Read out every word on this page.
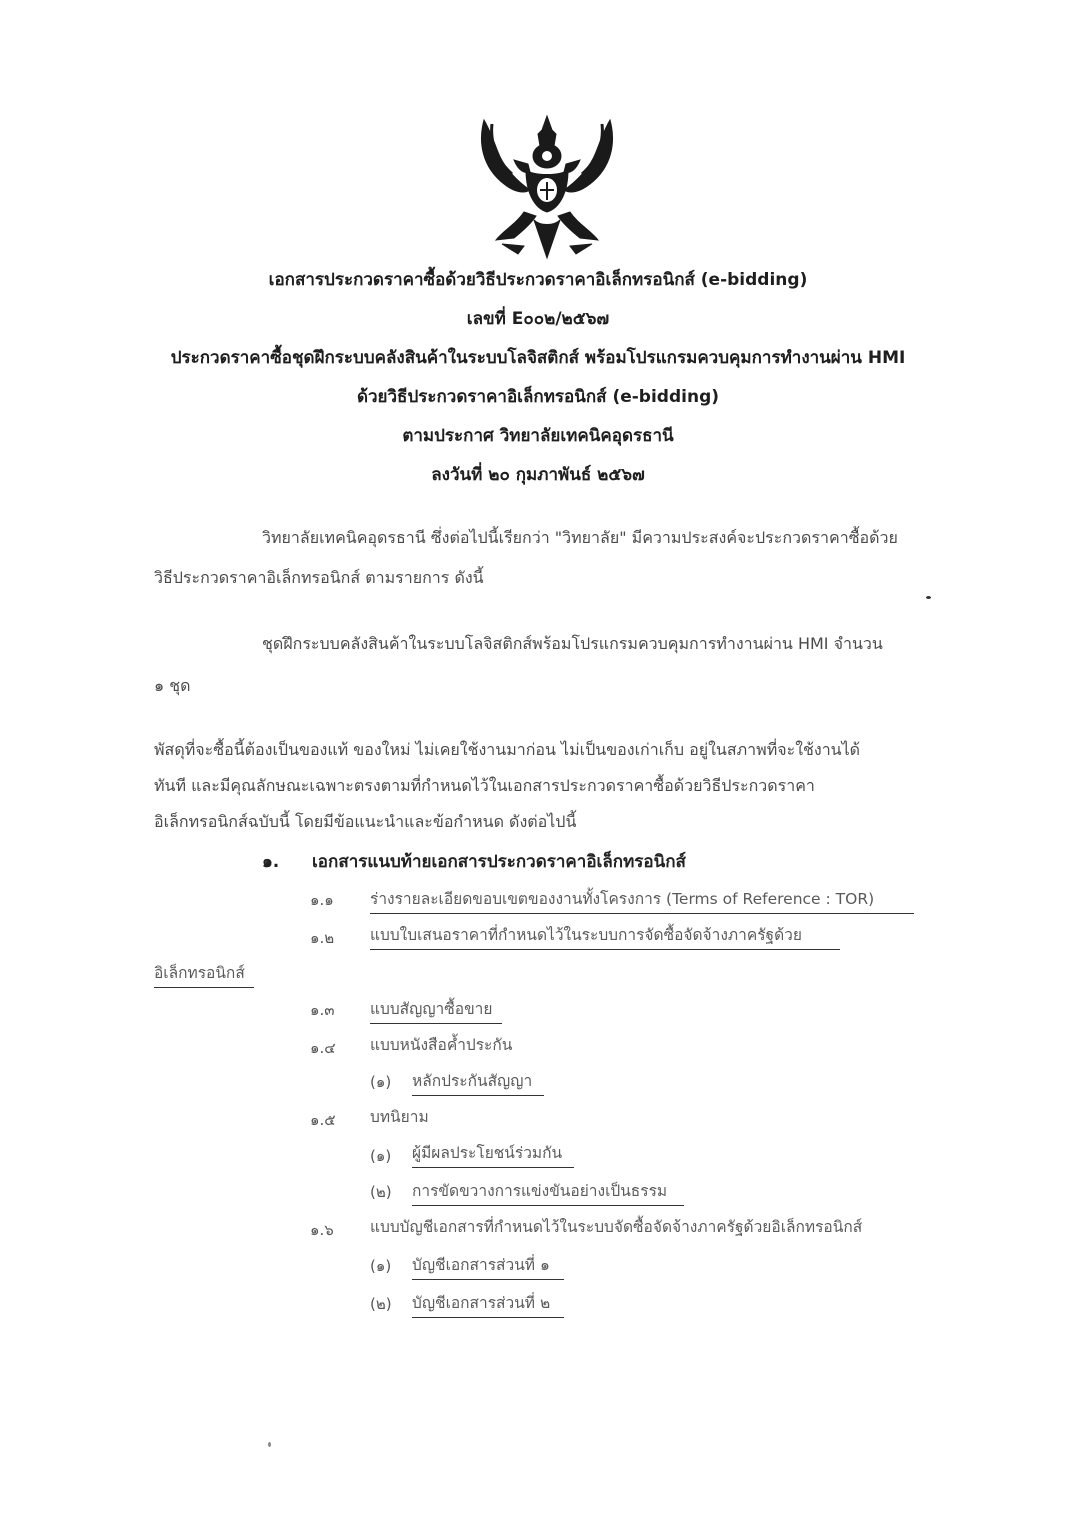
เอกสารประกวดราคาซื้อด้วยวิธีประกวดราคาอิเล็กทรอนิกส์ (e-bidding)
เลขที่ E๐๐๒/๒๕๖๗
ประกวดราคาซื้อชุดฝึกระบบคลังสินค้าในระบบโลจิสติกส์ พร้อมโปรแกรมควบคุมการทำงานผ่าน HMI
ด้วยวิธีประกวดราคาอิเล็กทรอนิกส์ (e-bidding)
ตามประกาศ วิทยาลัยเทคนิคอุดรธานี
ลงวันที่ ๒๐ กุมภาพันธ์ ๒๕๖๗
วิทยาลัยเทคนิคอุดรธานี ซึ่งต่อไปนี้เรียกว่า "วิทยาลัย" มีความประสงค์จะประกวดราคาซื้อด้วย
วิธีประกวดราคาอิเล็กทรอนิกส์ ตามรายการ ดังนี้
ชุดฝึกระบบคลังสินค้าในระบบโลจิสติกส์พร้อมโปรแกรมควบคุมการทำงานผ่าน HMI จำนวน
๑ ชุด
พัสดุที่จะซื้อนี้ต้องเป็นของแท้ ของใหม่ ไม่เคยใช้งานมาก่อน ไม่เป็นของเก่าเก็บ อยู่ในสภาพที่จะใช้งานได้
ทันที และมีคุณลักษณะเฉพาะตรงตามที่กำหนดไว้ในเอกสารประกวดราคาซื้อด้วยวิธีประกวดราคา
อิเล็กทรอนิกส์ฉบับนี้ โดยมีข้อแนะนำและข้อกำหนด ดังต่อไปนี้
๑. เอกสารแนบท้ายเอกสารประกวดราคาอิเล็กทรอนิกส์
๑.๑ ร่างรายละเอียดขอบเขตของงานทั้งโครงการ (Terms of Reference : TOR)
๑.๒ แบบใบเสนอราคาที่กำหนดไว้ในระบบการจัดซื้อจัดจ้างภาครัฐด้วย
อิเล็กทรอนิกส์
๑.๓ แบบสัญญาซื้อขาย
๑.๔ แบบหนังสือค้ำประกัน
(๑) หลักประกันสัญญา
๑.๕ บทนิยาม
(๑) ผู้มีผลประโยชน์ร่วมกัน
(๒) การขัดขวางการแข่งขันอย่างเป็นธรรม
๑.๖ แบบบัญชีเอกสารที่กำหนดไว้ในระบบจัดซื้อจัดจ้างภาครัฐด้วยอิเล็กทรอนิกส์
(๑) บัญชีเอกสารส่วนที่ ๑
(๒) บัญชีเอกสารส่วนที่ ๒
